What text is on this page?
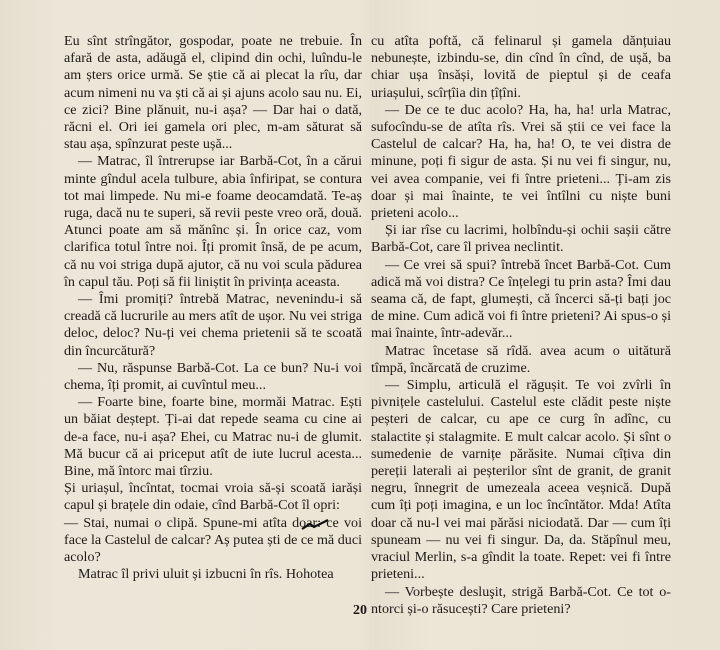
Eu sînt strîngător, gospodar, poate ne trebuie. În afară de asta, adăugă el, clipind din ochi, luîndu-le am șters orice urmă. Se știe că ai plecat la rîu, dar acum nimeni nu va ști că ai și ajuns acolo sau nu. Ei, ce zici? Bine plănuit, nu-i așa? — Dar hai o dată, răcni el. Ori iei gamela ori plec, m-am săturat să stau așa, spînzurat peste ușă...

— Matrac, îl întrerupse iar Barbă-Cot, în a cărui minte gîndul acela tulbure, abia înfiripat, se contura tot mai limpede. Nu mi-e foame deocamdată. Te-aș ruga, dacă nu te superi, să revii peste vreo oră, două. Atunci poate am să mănînc și. În orice caz, vom clarifica totul între noi. Îți promit însă, de pe acum, că nu voi striga după ajutor, că nu voi scula pădurea în capul tău. Poți să fii liniștit în privința aceasta.

— Îmi promiți? întrebă Matrac, nevenindu-i să creadă că lucrurile au mers atît de ușor. Nu vei striga deloc, deloc? Nu-ți vei chema prietenii să te scoată din încurcătură?

— Nu, răspunse Barbă-Cot. La ce bun? Nu-i voi chema, îți promit, ai cuvîntul meu...

— Foarte bine, foarte bine, mormăi Matrac. Ești un băiat deștept. Ți-ai dat repede seama cu cine ai de-a face, nu-i așa? Ehei, cu Matrac nu-i de glumit. Mă bucur că ai priceput atît de iute lucrul acesta... Bine, mă întorc mai tîrziu.

Și uriașul, încîntat, tocmai vroia să-și scoată iarăși capul și brațele din odaie, cînd Barbă-Cot îl opri:

— Stai, numai o clipă. Spune-mi atîta doar: ce voi face la Castelul de calcar? Aș putea ști de ce mă duci acolo?

Matrac îl privi uluit și izbucni în rîs. Hohotea

cu atîta poftă, că felinarul și gamela dănțuiau nebunește, izbindu-se, din cînd în cînd, de ușă, ba chiar ușa însăși, lovită de pieptul și de ceafa uriașului, scîrțîia din țîțîni.

— De ce te duc acolo? Ha, ha, ha! urla Matrac, sufocîndu-se de atîta rîs. Vrei să știi ce vei face la Castelul de calcar? Ha, ha, ha! O, te vei distra de minune, poți fi sigur de asta. Și nu vei fi singur, nu, vei avea companie, vei fi între prieteni... Ți-am zis doar și mai înainte, te vei întîlni cu niște buni prieteni acolo...

Și iar rîse cu lacrimi, holbîndu-și ochii sașii către Barbă-Cot, care îl privea neclintit.

— Ce vrei să spui? întrebă încet Barbă-Cot. Cum adică mă voi distra? Ce înțelegi tu prin asta? Îmi dau seama că, de fapt, glumești, că încerci să-ți bați joc de mine. Cum adică voi fi între prieteni? Ai spus-o și mai înainte, într-adevăr...

Matrac încetase să rîdă. avea acum o uitătură tîmpă, încărcată de cruzime.

— Simplu, articulă el răgușit. Te voi zvîrli în pivnițele castelului. Castelul este clădit peste niște peșteri de calcar, cu ape ce curg în adînc, cu stalactite și stalagmite. E mult calcar acolo. Și sînt o sumedenie de varnițe părăsite. Numai cîțiva din pereții laterali ai peșterilor sînt de granit, de granit negru, înnegrit de umezeala aceea veșnică. După cum îți poți imagina, e un loc încîntător. Mda! Atîta doar că nu-l vei mai părăsi niciodată. Dar — cum îți spuneam — nu vei fi singur. Da, da. Stăpînul meu, vraciul Merlin, s-a gîndit la toate. Repet: vei fi între prieteni...

— Vorbește desluşit, strigă Barbă-Cot. Ce tot o-ntorci și-o răsucești? Care prieteni?

20
